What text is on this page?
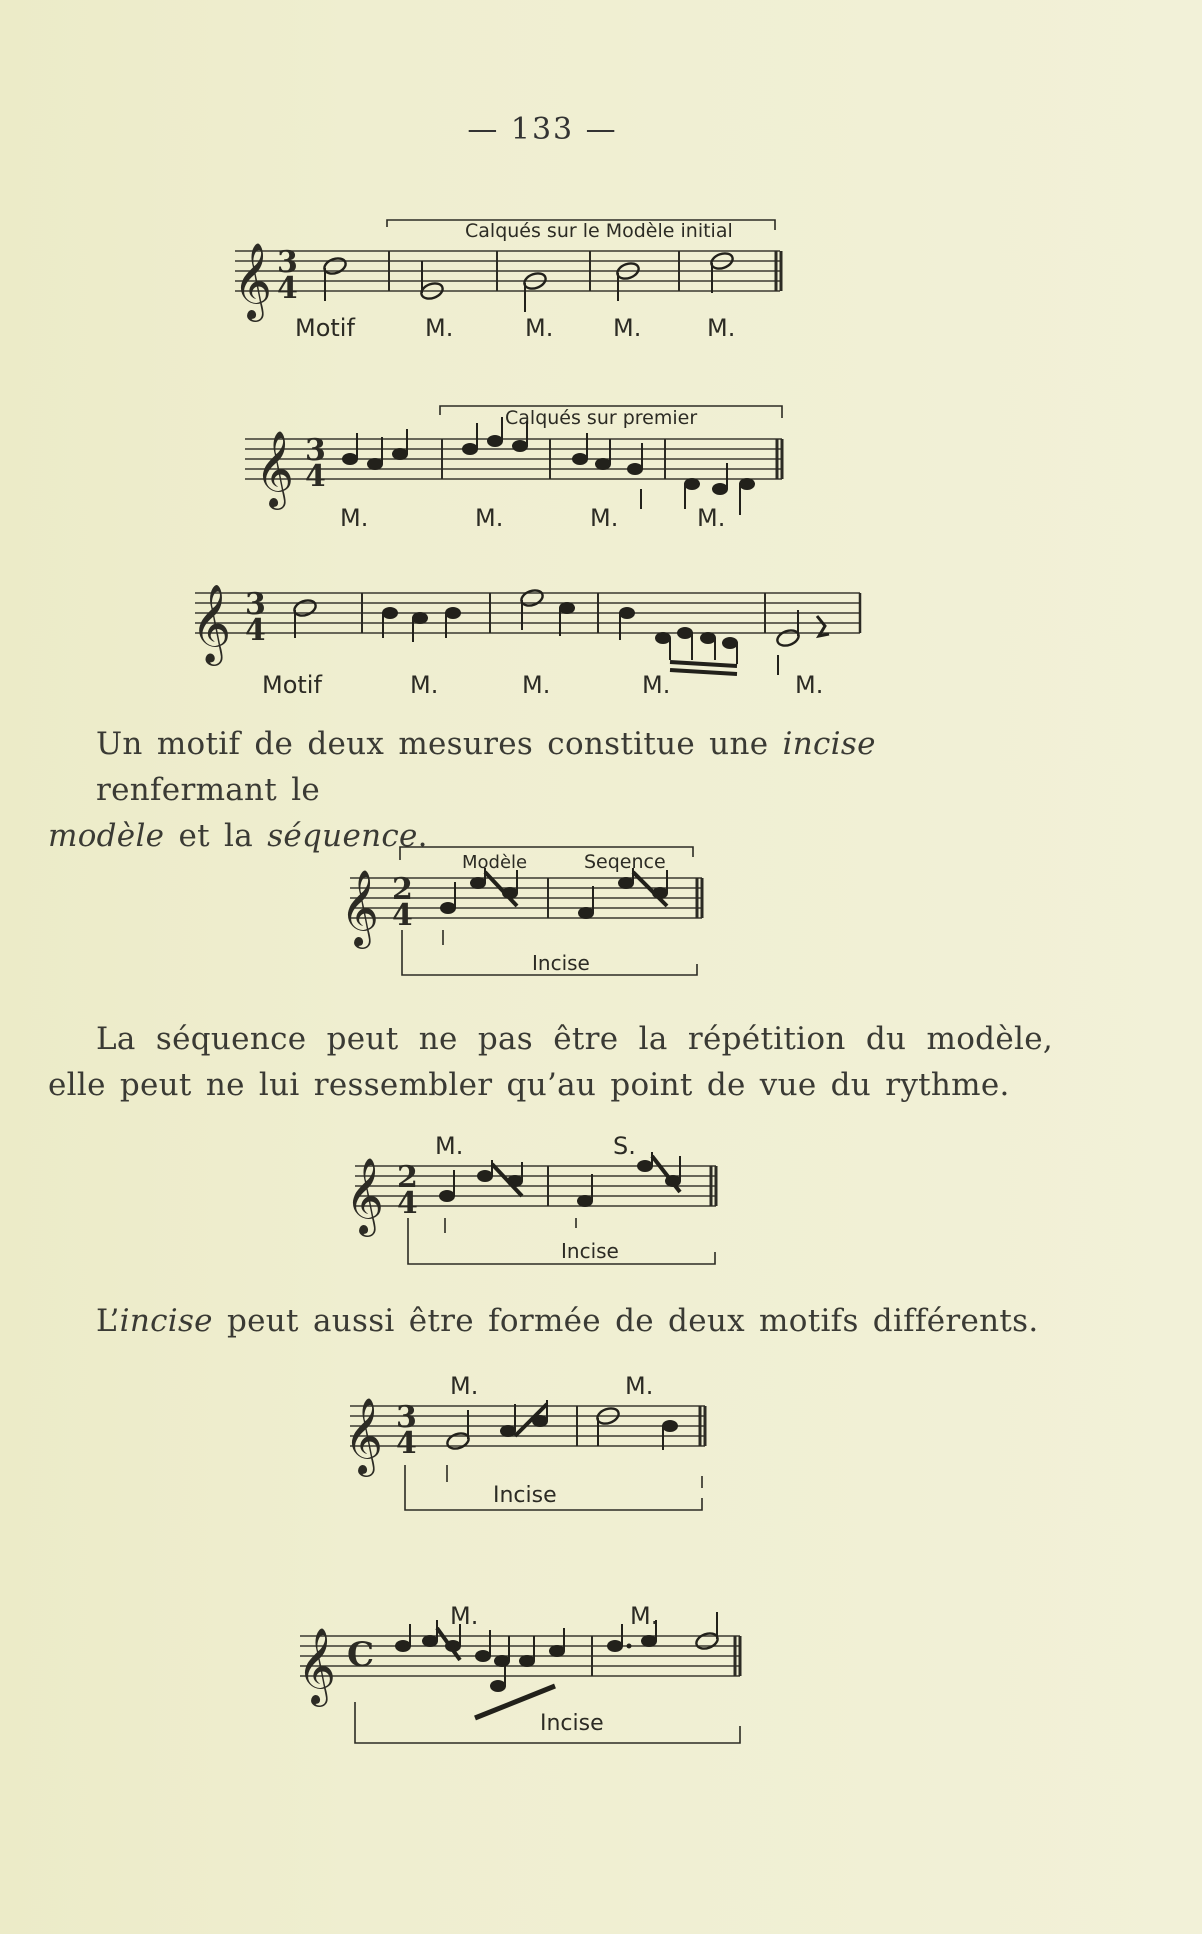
— 133 —
Calqués sur le Modèle initial
𝄞 3
4
Motif	M.	M. M.	M.
Calqués sur premier
𝄞 3
4
M.	M.	M.	M.
𝄞 3
4
Motif	M.	M.	M.	M.
Un motif de deux mesures constitue une incise renfermant le
modèle et la séquence.
Modèle	Seqence
𝄞 2
4
Incise
La séquence peut ne pas être la répétition du modèle, elle peut ne lui ressembler qu’au point de vue du rythme.
M.	S.
𝄞 2
4
Incise
L’incise peut aussi être formée de deux motifs différents.
M.	M.
𝄞 3
4
Incise
M.	M.
𝄞 C
Incise
